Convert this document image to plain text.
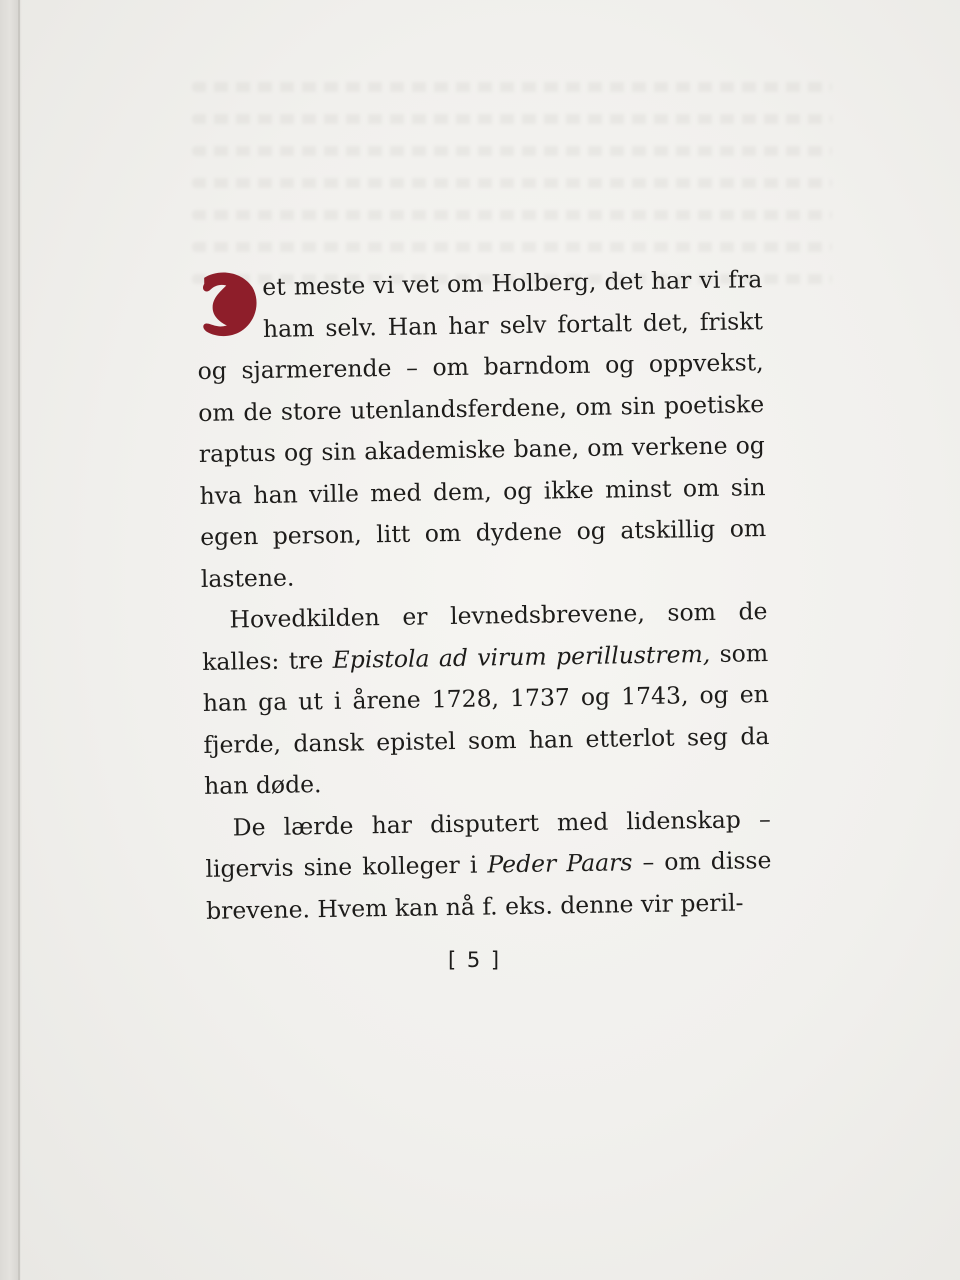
D
et meste vi vet om Holberg, det har vi fra ham selv. Han har selv fortalt det, friskt og sjarmerende – om barndom og oppvekst, om de store utenlandsferdene, om sin poetiske raptus og sin akademiske bane, om verkene og hva han ville med dem, og ikke minst om sin egen person, litt om dydene og atskillig om lastene.

Hovedkilden er levnedsbrevene, som de kalles: tre Epistola ad virum perillustrem, som han ga ut i årene 1728, 1737 og 1743, og en fjerde, dansk epistel som han etterlot seg da han døde.

De lærde har disputert med lidenskap – ligervis sine kolleger i Peder Paars – om disse brevene. Hvem kan nå f. eks. denne vir peril-

[ 5 ]
